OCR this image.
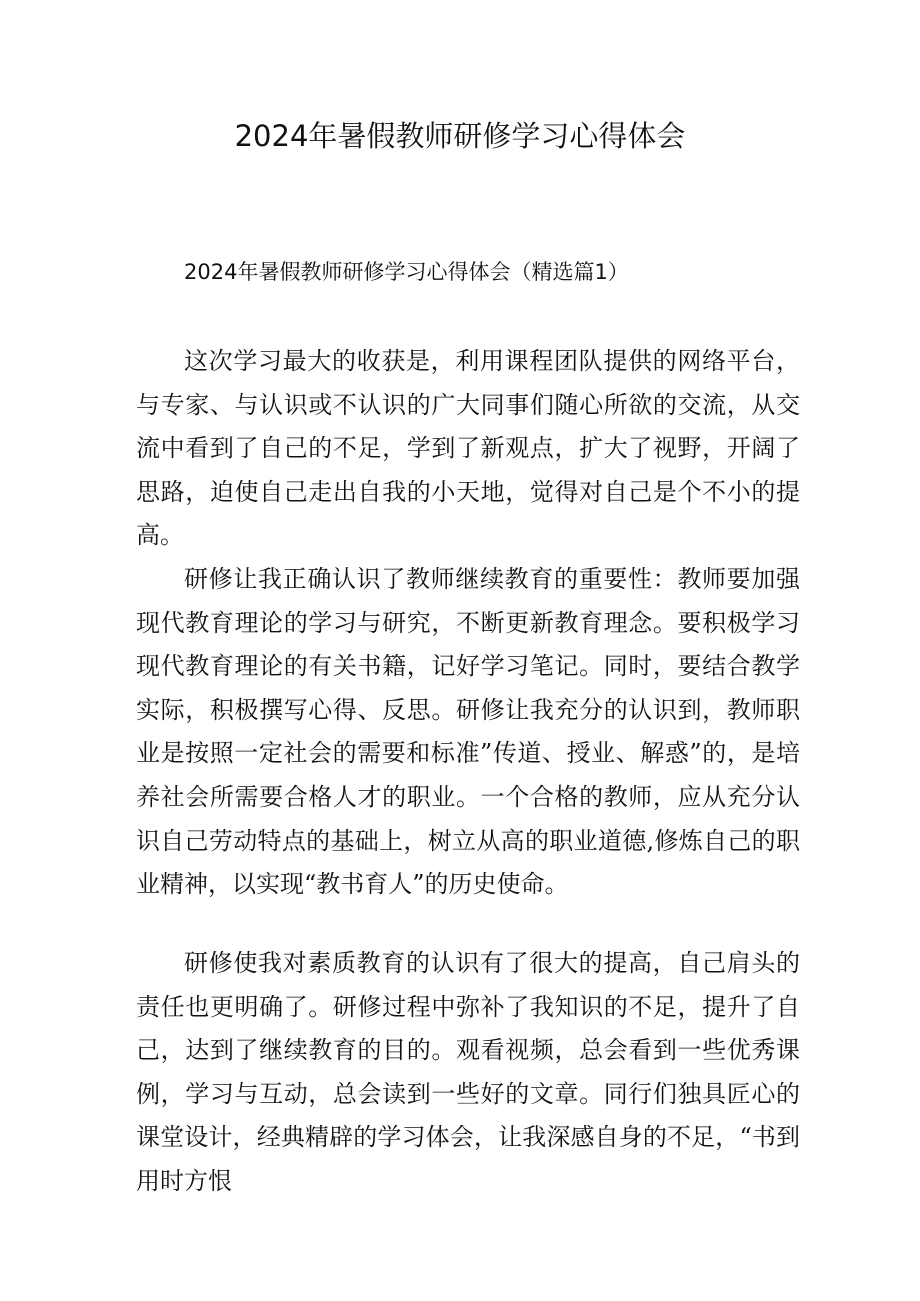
2024年暑假教师研修学习心得体会

2024年暑假教师研修学习心得体会（精选篇1）

这次学习最大的收获是，利用课程团队提供的网络平台，与专家、与认识或不认识的广大同事们随心所欲的交流，从交流中看到了自己的不足，学到了新观点，扩大了视野，开阔了思路，迫使自己走出自我的小天地，觉得对自己是个不小的提高。

研修让我正确认识了教师继续教育的重要性：教师要加强现代教育理论的学习与研究，不断更新教育理念。要积极学习现代教育理论的有关书籍，记好学习笔记。同时，要结合教学实际，积极撰写心得、反思。研修让我充分的认识到，教师职业是按照一定社会的需要和标准”传道、授业、解惑”的，是培养社会所需要合格人才的职业。一个合格的教师，应从充分认识自己劳动特点的基础上，树立从高的职业道德,修炼自己的职业精神，以实现“教书育人”的历史使命。

研修使我对素质教育的认识有了很大的提高，自己肩头的责任也更明确了。研修过程中弥补了我知识的不足，提升了自己，达到了继续教育的目的。观看视频，总会看到一些优秀课例，学习与互动，总会读到一些好的文章。同行们独具匠心的课堂设计，经典精辟的学习体会，让我深感自身的不足，“书到用时方恨
